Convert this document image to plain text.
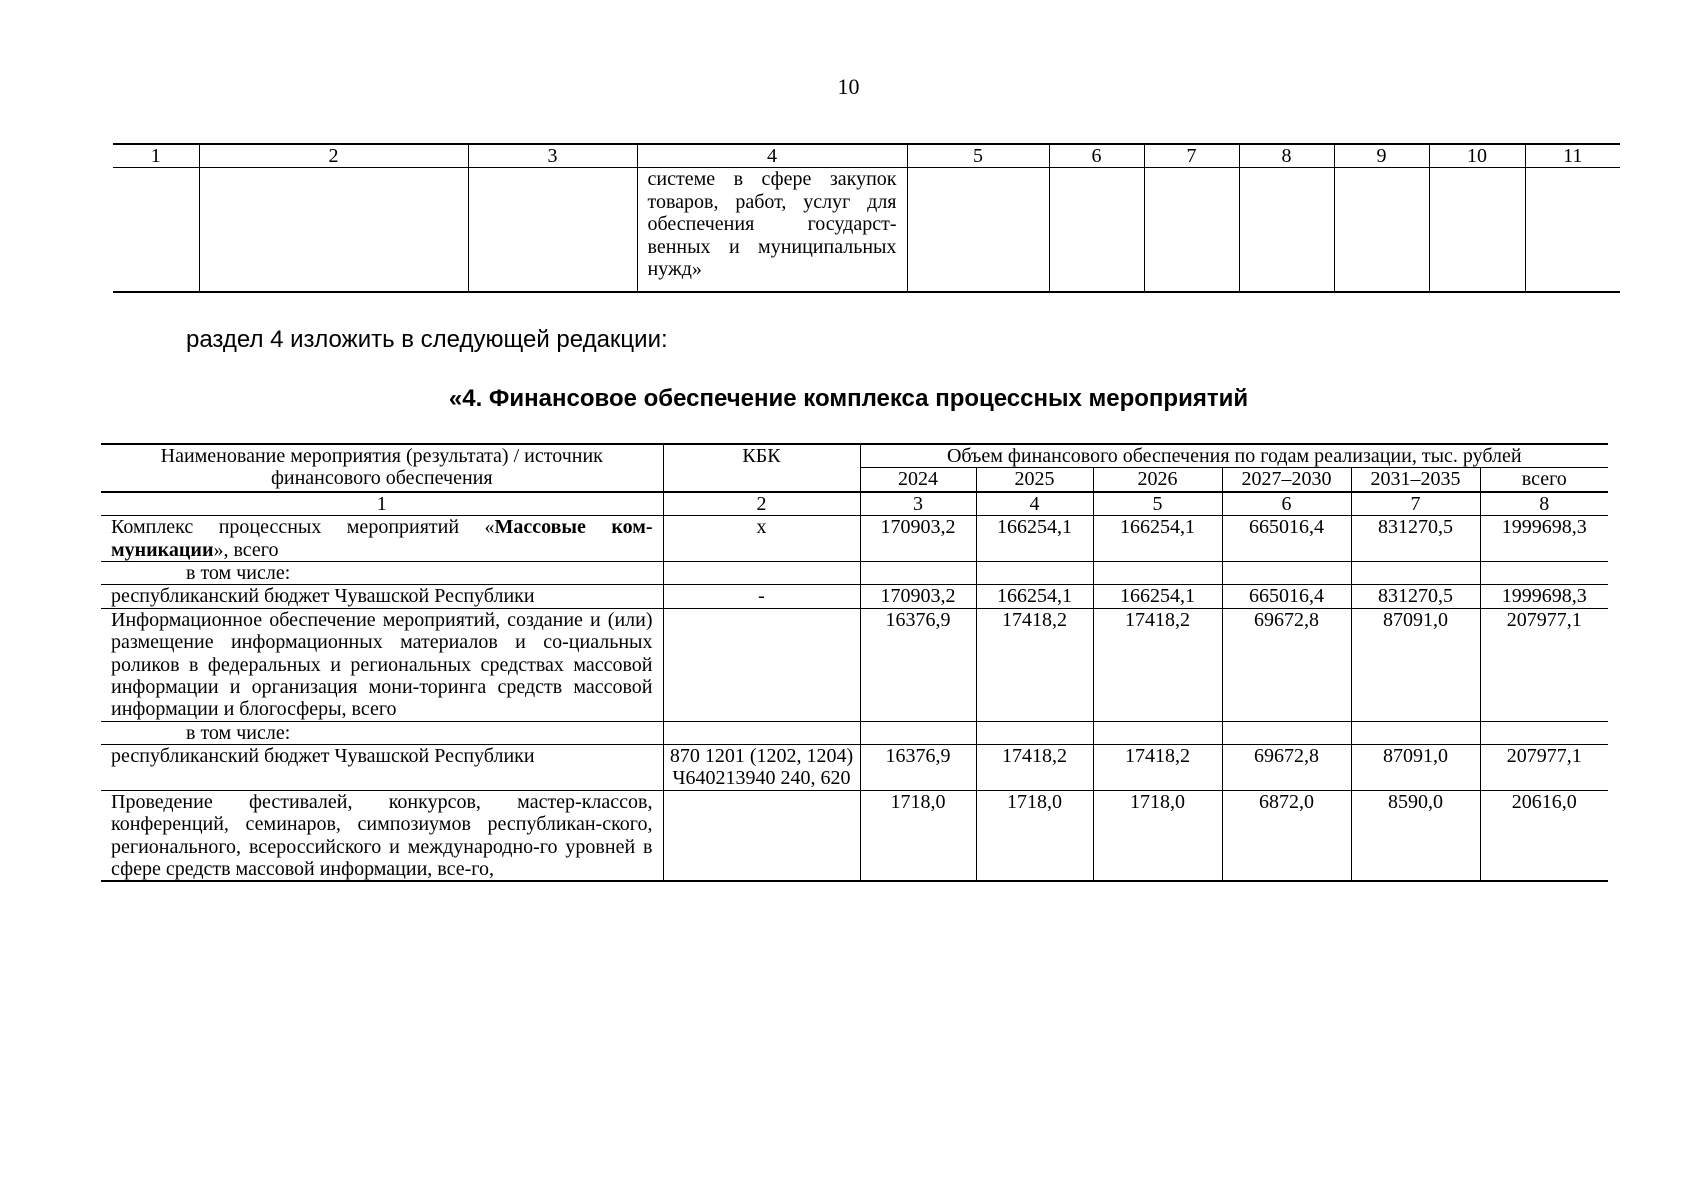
10
1	2	3	4	5	6	7	8	9	10	11
			системе в сфере закупок товаров, работ, услуг для обеспечения государст-венных и муниципальных нужд»							
раздел 4 изложить в следующей редакции:
«4. Финансовое обеспечение комплекса процессных мероприятий
Наименование мероприятия (результата) / источник финансового обеспечения	КБК	Объем финансового обеспечения по годам реализации, тыс. рублей					
		2024	2025	2026	2027–2030	2031–2035	всего
1	2	3	4	5	6	7	8
Комплекс процессных мероприятий «Массовые ком-муникации», всего	х	170903,2	166254,1	166254,1	665016,4	831270,5	1999698,3
в том числе:							
республиканский бюджет Чувашской Республики	-	170903,2	166254,1	166254,1	665016,4	831270,5	1999698,3
Информационное обеспечение мероприятий, создание и (или) размещение информационных материалов и со-циальных роликов в федеральных и региональных средствах массовой информации и организация мони-торинга средств массовой информации и блогосферы, всего		16376,9	17418,2	17418,2	69672,8	87091,0	207977,1
в том числе:							
республиканский бюджет Чувашской Республики	870 1201 (1202, 1204) Ч640213940 240, 620	16376,9	17418,2	17418,2	69672,8	87091,0	207977,1
Проведение фестивалей, конкурсов, мастер-классов, конференций, семинаров, симпозиумов республикан-ского, регионального, всероссийского и международно-го уровней в сфере средств массовой информации, все-го,		1718,0	1718,0	1718,0	6872,0	8590,0	20616,0
